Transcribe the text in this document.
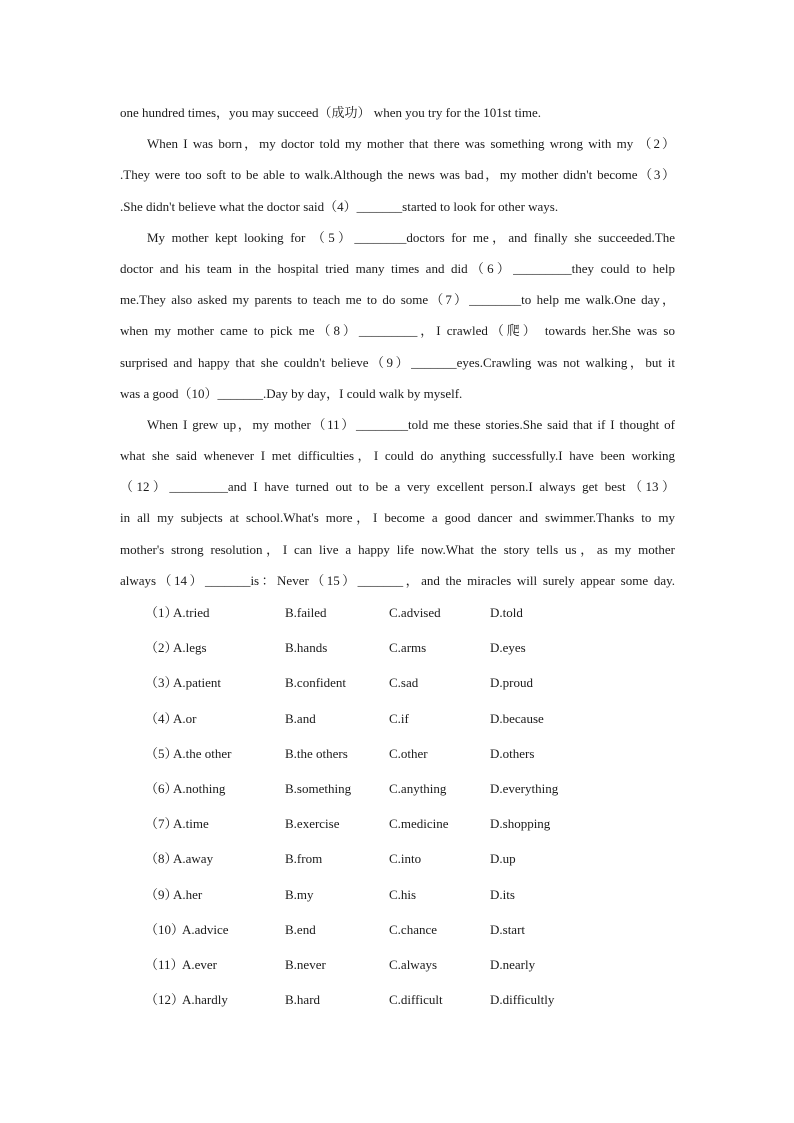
one hundred times，you may succeed（成功） when you try for the 101st time.
When I was born，my doctor told my mother that there was something wrong with my （2）
.They were too soft to be able to walk.Although the news was bad，my mother didn't become（3）
.She didn't believe what the doctor said（4）_______started to look for other ways.
My mother kept looking for （5）________doctors for me，and finally she succeeded.The
doctor and his team in the hospital tried many times and did（6）_________they could to help
me.They also asked my parents to teach me to do some（7）________to help me walk.One day，
when my mother came to pick me（8）_________，I crawled（爬） towards her.She was so
surprised and happy that she couldn't believe（9）_______eyes.Crawling was not walking，but it
was a good（10）_______.Day by day，I could walk by myself.
When I grew up，my mother（11）________told me these stories.She said that if I thought of
what she said whenever I met difficulties，I could do anything successfully.I have been working
（12）_________and I have turned out to be a very excellent person.I always get best（13）
in all my subjects at school.What's more，I become a good dancer and swimmer.Thanks to my
mother's strong resolution，I can live a happy life now.What the story tells us，as my mother
always（14）_______is：Never（15）_______，and the miracles will surely appear some day.
（1）
A.tried	B.failed	C.advised	D.told
（2）
A.legs	B.hands	C.arms	D.eyes
（3）
A.patient	B.confident	C.sad	D.proud
（4）
A.or	B.and	C.if	D.because
（5）
A.the other	B.the others	C.other	D.others
（6）
A.nothing	B.something	C.anything	D.everything
（7）
A.time	B.exercise	C.medicine	D.shopping
（8）
A.away	B.from	C.into	D.up
（9）
A.her	B.my	C.his	D.its
（10）
A.advice	B.end	C.chance	D.start
（11）
A.ever	B.never	C.always	D.nearly
（12）
A.hardly	B.hard	C.difficult	D.difficultly
